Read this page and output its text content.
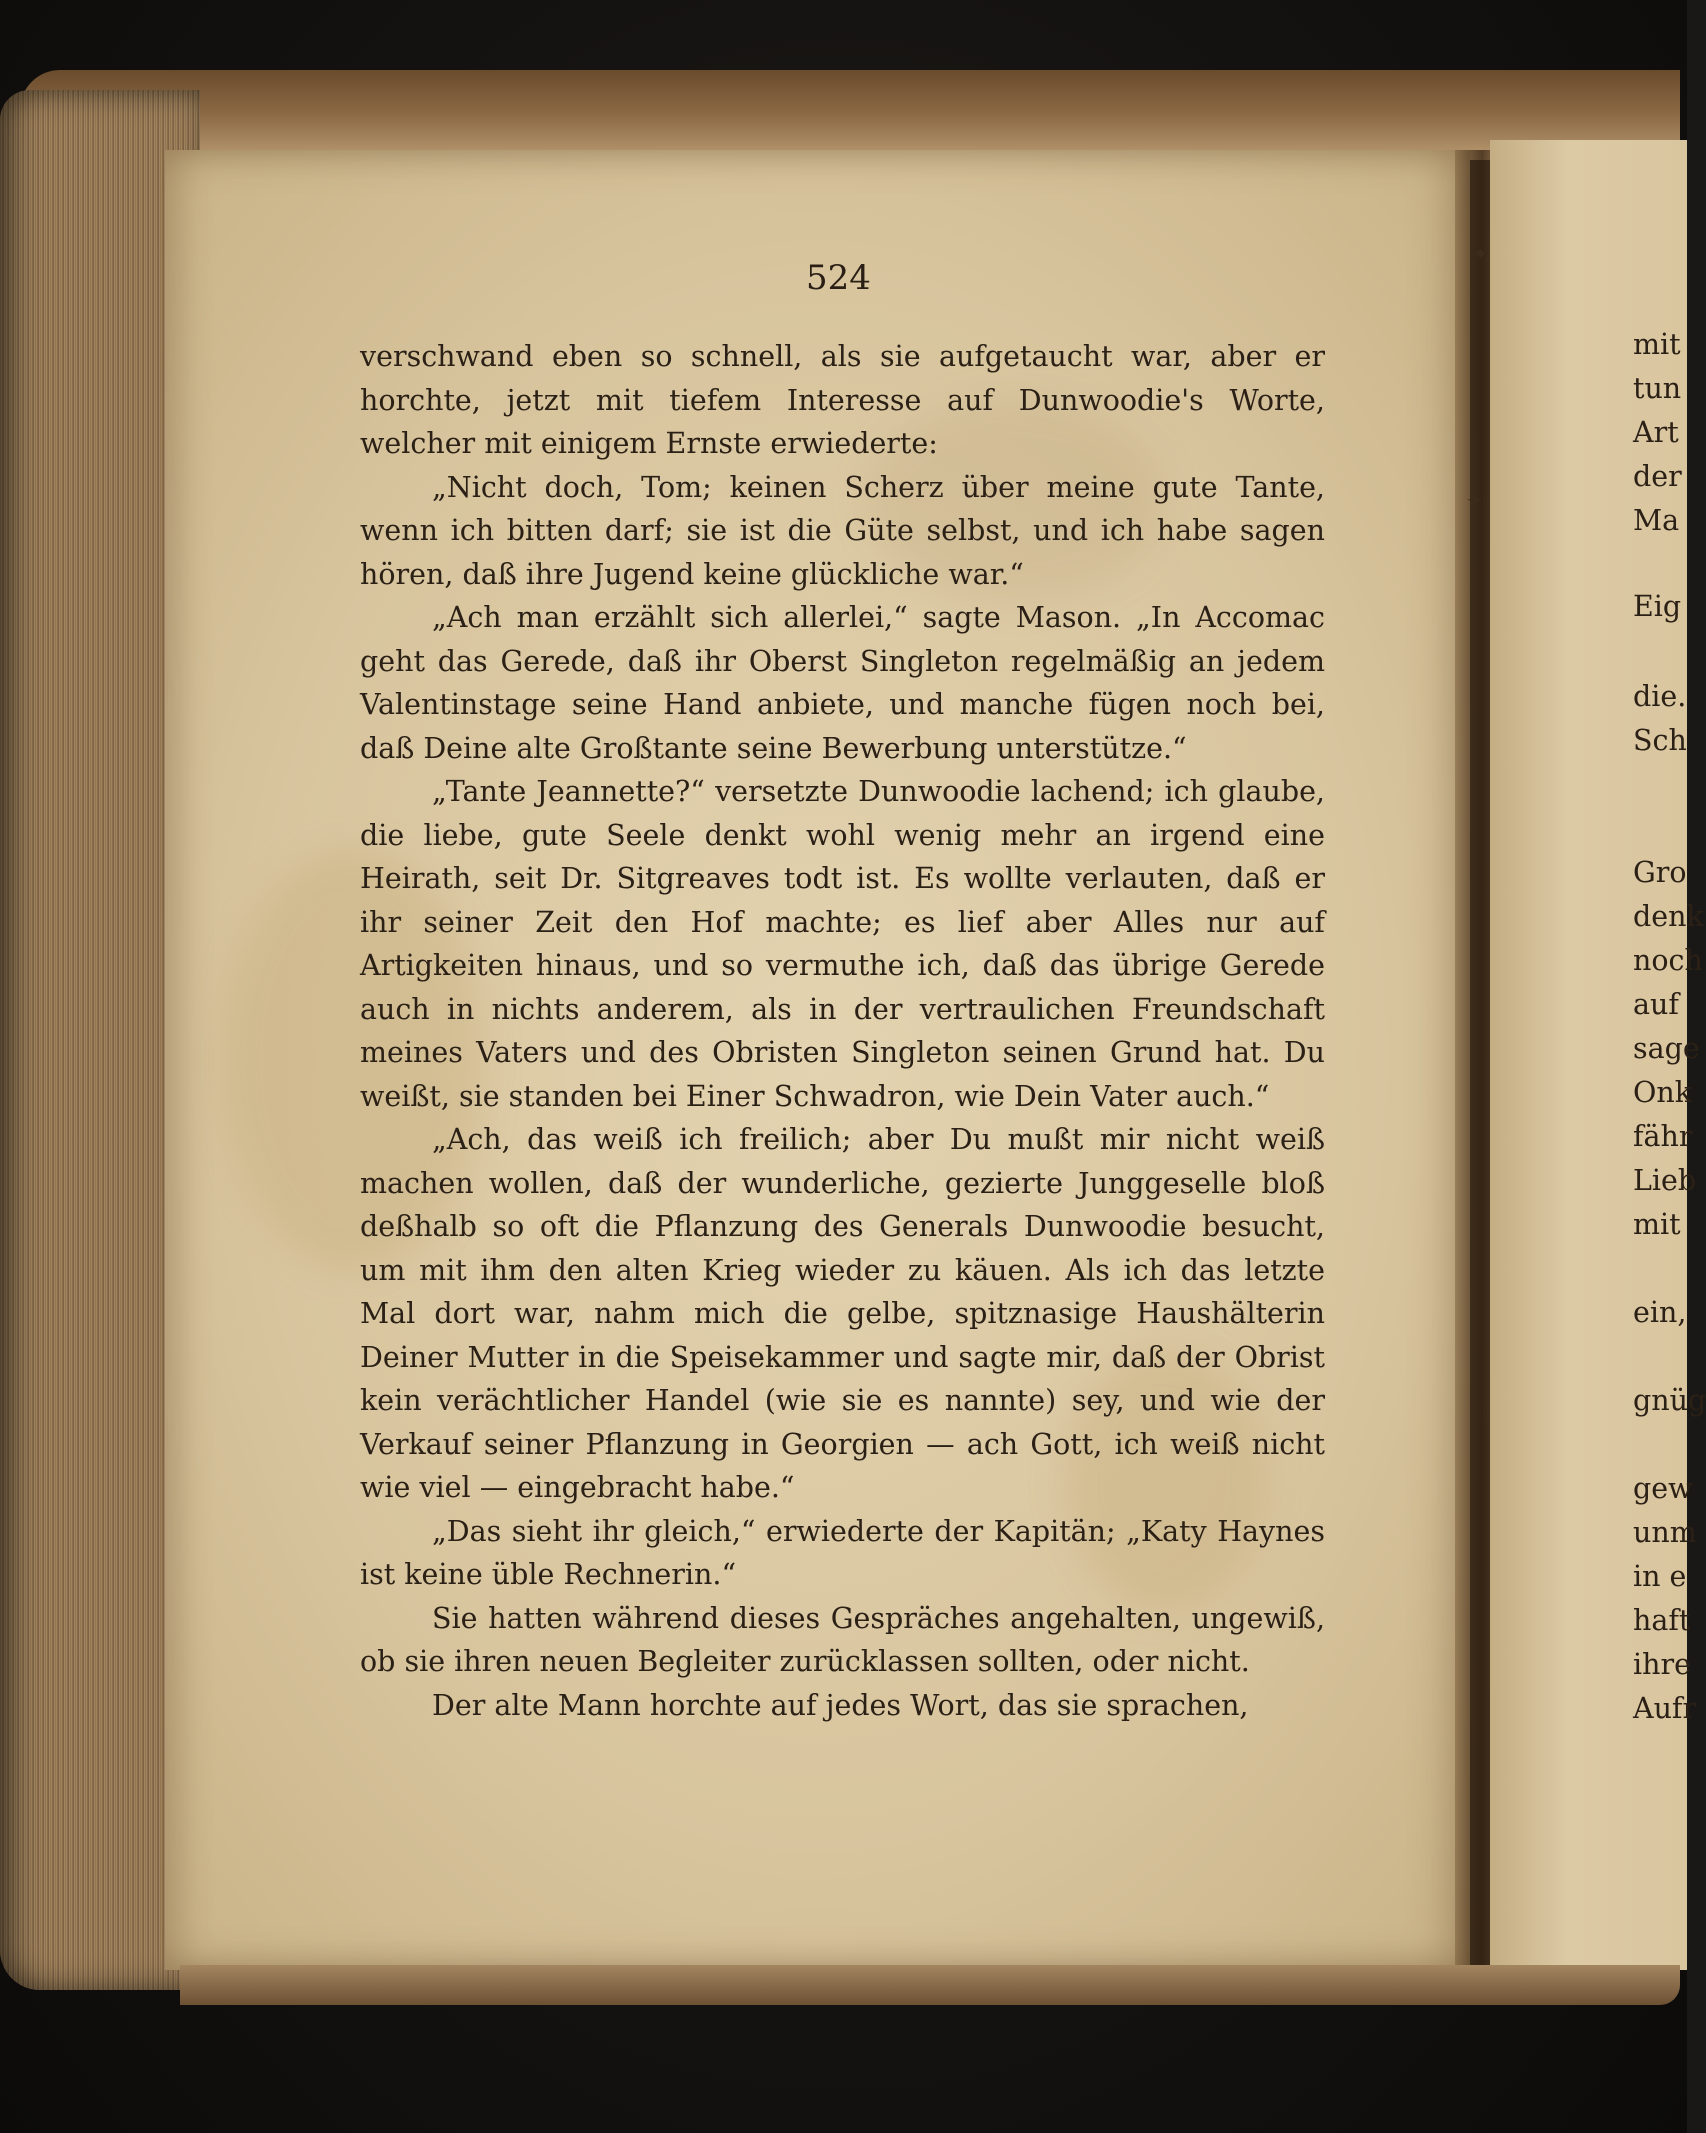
✦
✦
524

verschwand eben so schnell, als sie aufgetaucht war, aber er horchte, jetzt mit tiefem Interesse auf Dunwoodie's Worte, welcher mit einigem Ernste erwiederte:

„Nicht doch, Tom; keinen Scherz über meine gute Tante, wenn ich bitten darf; sie ist die Güte selbst, und ich habe sagen hören, daß ihre Jugend keine glückliche war.“

„Ach man erzählt sich allerlei,“ sagte Mason. „In Accomac geht das Gerede, daß ihr Oberst Singleton regelmäßig an jedem Valentinstage seine Hand anbiete, und manche fügen noch bei, daß Deine alte Großtante seine Bewerbung unterstütze.“

„Tante Jeannette?“ versetzte Dunwoodie lachend; ich glaube, die liebe, gute Seele denkt wohl wenig mehr an irgend eine Heirath, seit Dr. Sitgreaves todt ist. Es wollte verlauten, daß er ihr seiner Zeit den Hof machte; es lief aber Alles nur auf Artigkeiten hinaus, und so vermuthe ich, daß das übrige Gerede auch in nichts anderem, als in der vertraulichen Freundschaft meines Vaters und des Obristen Singleton seinen Grund hat. Du weißt, sie standen bei Einer Schwadron, wie Dein Vater auch.“

„Ach, das weiß ich freilich; aber Du mußt mir nicht weiß machen wollen, daß der wunderliche, gezierte Junggeselle bloß deßhalb so oft die Pflanzung des Generals Dunwoodie besucht, um mit ihm den alten Krieg wieder zu käuen. Als ich das letzte Mal dort war, nahm mich die gelbe, spitznasige Haushälterin Deiner Mutter in die Speisekammer und sagte mir, daß der Obrist kein verächtlicher Handel (wie sie es nannte) sey, und wie der Verkauf seiner Pflanzung in Georgien — ach Gott, ich weiß nicht wie viel — eingebracht habe.“

„Das sieht ihr gleich,“ erwiederte der Kapitän; „Katy Haynes ist keine üble Rechnerin.“

Sie hatten während dieses Gespräches angehalten, ungewiß, ob sie ihren neuen Begleiter zurücklassen sollten, oder nicht.

Der alte Mann horchte auf jedes Wort, das sie sprachen,

mit
tun
Art
der
Ma
Eig
die.
Sch
Gro
denk
noch
auf
sage
Onk
fähr
Lieb
mit
ein,
gnüg
gew
unm
in e
haft
ihre
Aufr
